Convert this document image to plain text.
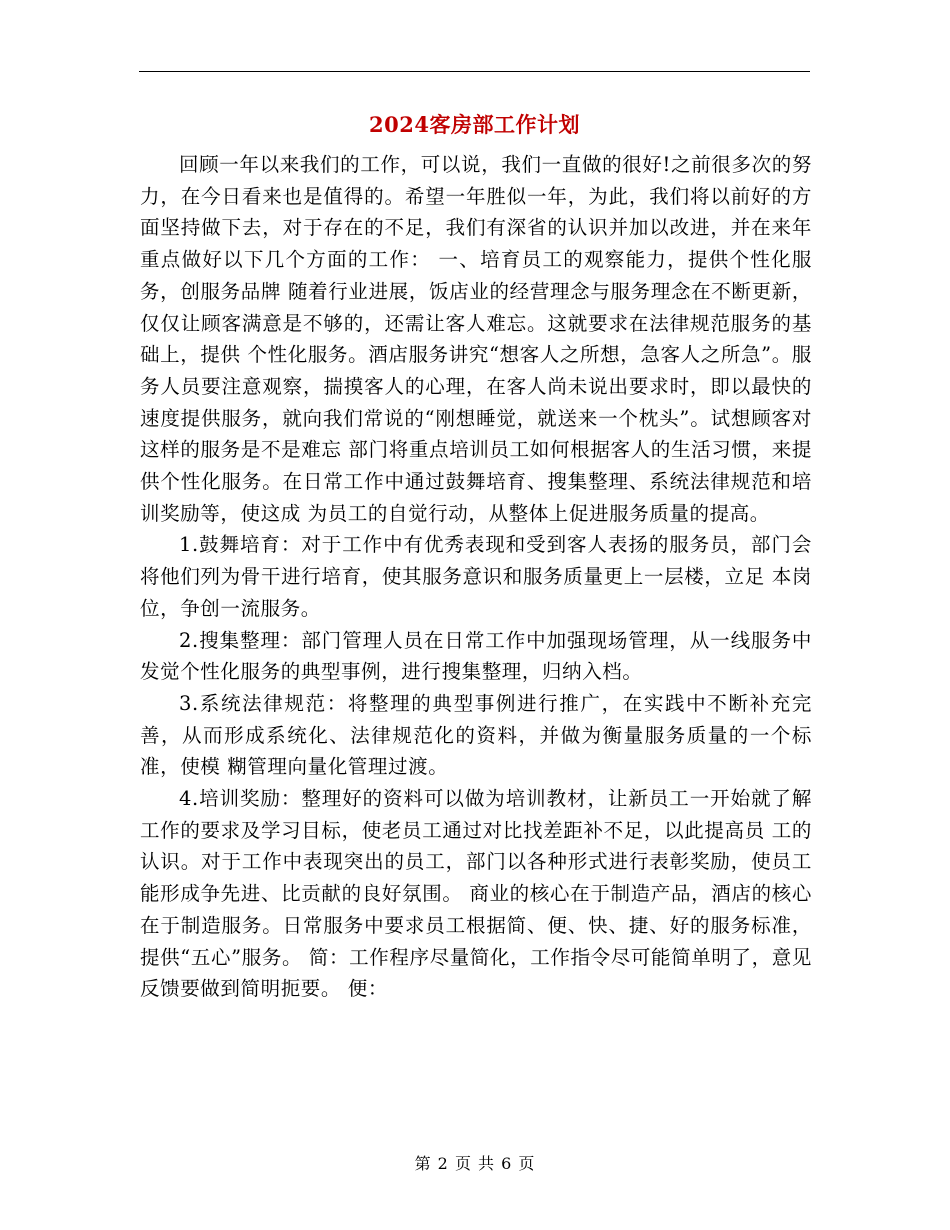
2024客房部工作计划

回顾一年以来我们的工作，可以说，我们一直做的很好!之前很多次的努力，在今日看来也是值得的。希望一年胜似一年，为此，我们将以前好的方面坚持做下去，对于存在的不足，我们有深省的认识并加以改进，并在来年重点做好以下几个方面的工作： 一、培育员工的观察能力，提供个性化服务，创服务品牌 随着行业进展，饭店业的经营理念与服务理念在不断更新，仅仅让顾客满意是不够的，还需让客人难忘。这就要求在法律规范服务的基础上，提供 个性化服务。酒店服务讲究“想客人之所想，急客人之所急”。服务人员要注意观察，揣摸客人的心理，在客人尚未说出要求时，即以最快的 速度提供服务，就向我们常说的“刚想睡觉，就送来一个枕头”。试想顾客对这样的服务是不是难忘 部门将重点培训员工如何根据客人的生活习惯，来提供个性化服务。在日常工作中通过鼓舞培育、搜集整理、系统法律规范和培训奖励等，使这成 为员工的自觉行动，从整体上促进服务质量的提高。

1.鼓舞培育：对于工作中有优秀表现和受到客人表扬的服务员，部门会将他们列为骨干进行培育，使其服务意识和服务质量更上一层楼，立足 本岗位，争创一流服务。

2.搜集整理：部门管理人员在日常工作中加强现场管理，从一线服务中发觉个性化服务的典型事例，进行搜集整理，归纳入档。

3.系统法律规范：将整理的典型事例进行推广，在实践中不断补充完善，从而形成系统化、法律规范化的资料，并做为衡量服务质量的一个标准，使模 糊管理向量化管理过渡。

4.培训奖励：整理好的资料可以做为培训教材，让新员工一开始就了解工作的要求及学习目标，使老员工通过对比找差距补不足，以此提高员 工的认识。对于工作中表现突出的员工，部门以各种形式进行表彰奖励，使员工能形成争先进、比贡献的良好氛围。 商业的核心在于制造产品，酒店的核心在于制造服务。日常服务中要求员工根据简、便、快、捷、好的服务标准，提供“五心”服务。 简：工作程序尽量简化，工作指令尽可能简单明了，意见反馈要做到简明扼要。 便：

第 2 页 共 6 页
